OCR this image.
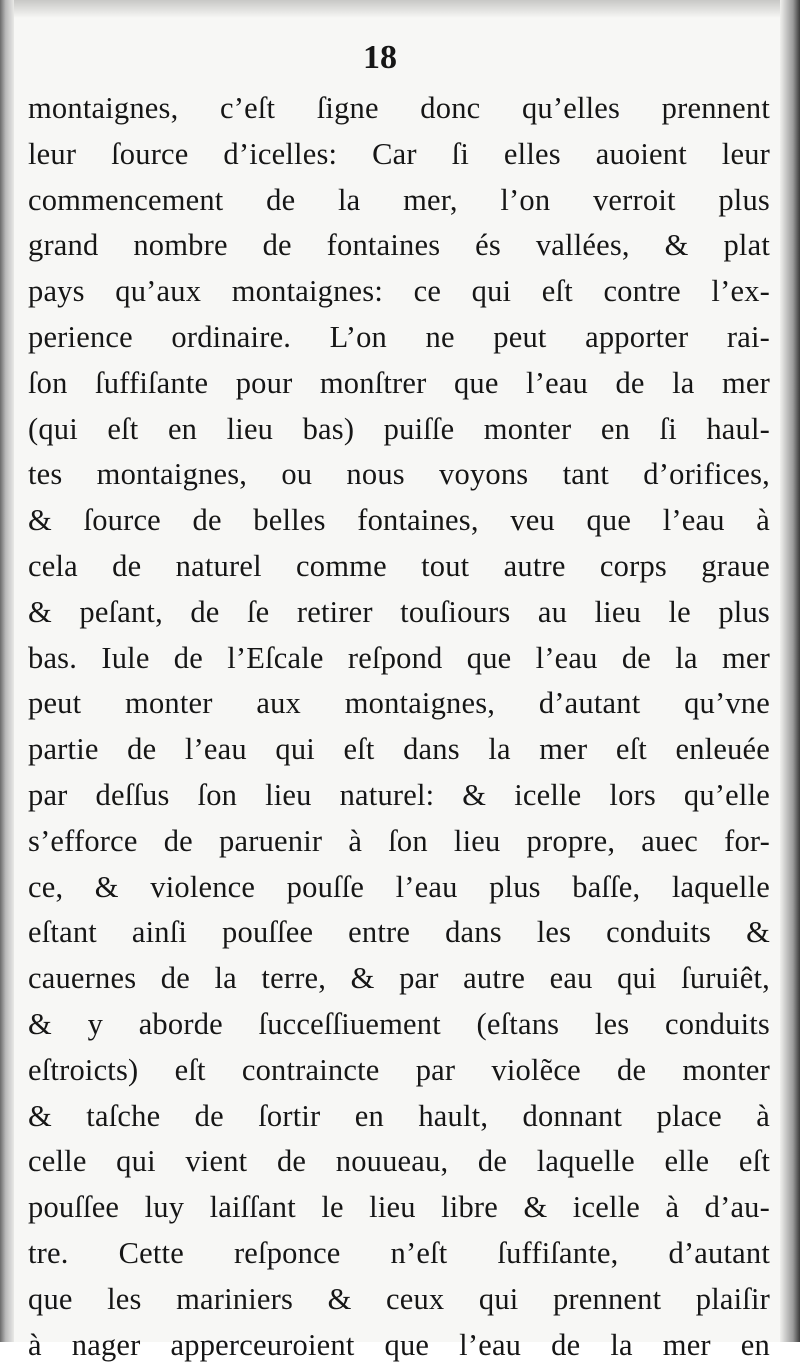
18
montaignes, c’eſt ſigne donc qu’elles prennent
leur ſource d’icelles: Car ſi elles auoient leur
commencement de la mer, l’on verroit plus
grand nombre de fontaines és vallées, & plat
pays qu’aux montaignes: ce qui eſt contre l’ex-
perience ordinaire. L’on ne peut apporter rai-
ſon ſuffiſante pour monſtrer que l’eau de la mer
(qui eſt en lieu bas) puiſſe monter en ſi haul-
tes montaignes, ou nous voyons tant d’orifices,
& ſource de belles fontaines, veu que l’eau à
cela de naturel comme tout autre corps graue
& peſant, de ſe retirer touſiours au lieu le plus
bas. Iule de l’Eſcale reſpond que l’eau de la mer
peut monter aux montaignes, d’autant qu’vne
partie de l’eau qui eſt dans la mer eſt enleuée
par deſſus ſon lieu naturel: & icelle lors qu’elle
s’efforce de paruenir à ſon lieu propre, auec for-
ce, & violence pouſſe l’eau plus baſſe, laquelle
eſtant ainſi pouſſee entre dans les conduits &
cauernes de la terre, & par autre eau qui ſuruiêt,
& y aborde ſucceſſiuement (eſtans les conduits
eſtroicts) eſt contraincte par violẽce de monter
& taſche de ſortir en hault, donnant place à
celle qui vient de nouueau, de laquelle elle eſt
pouſſee luy laiſſant le lieu libre & icelle à d’au-
tre. Cette reſponce n’eſt ſuffiſante, d’autant
que les mariniers & ceux qui prennent plaiſir
à nager apperceuroient que l’eau de la mer en
